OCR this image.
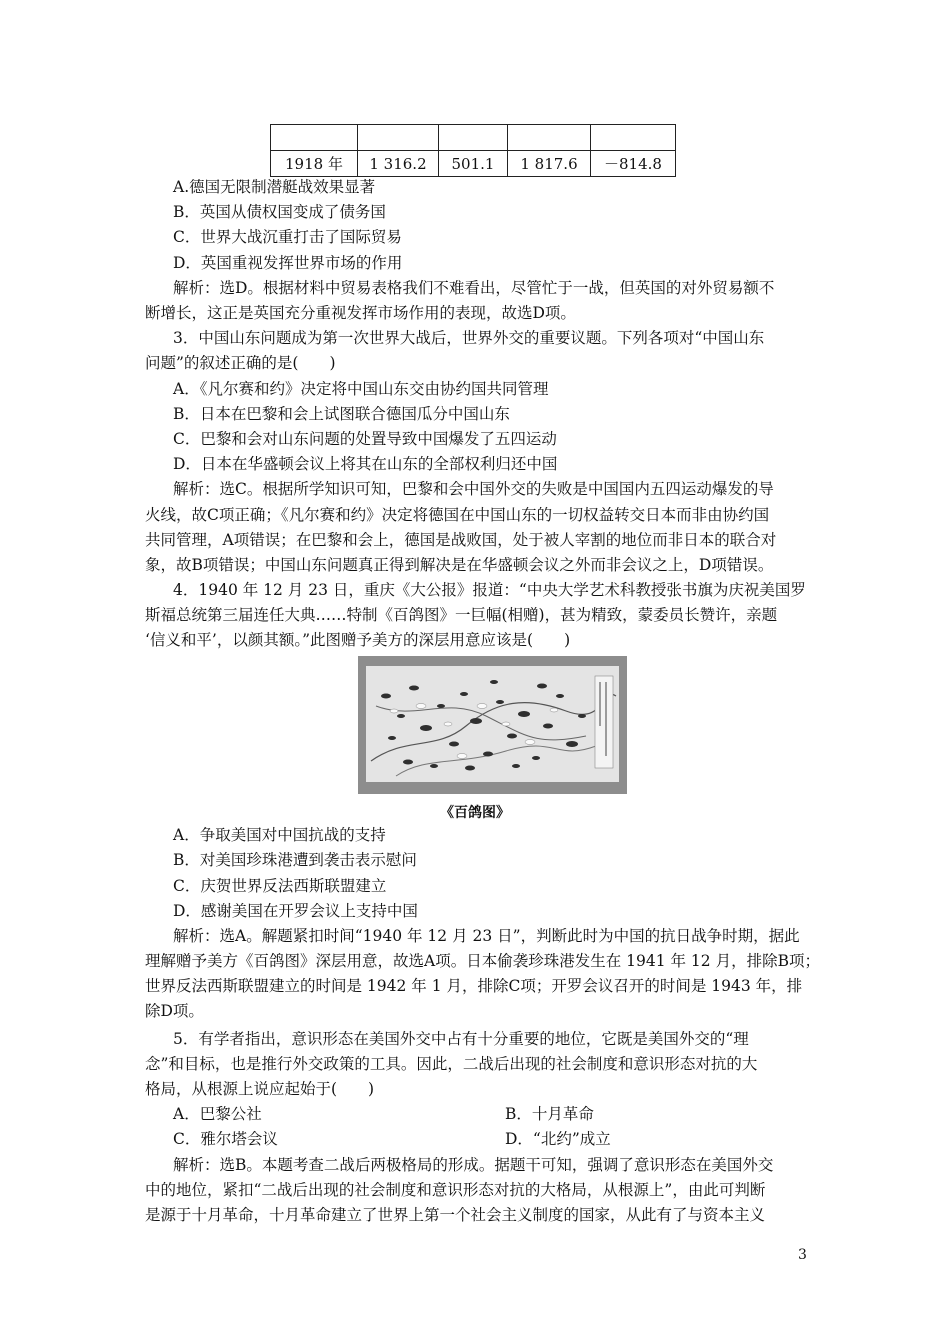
1918 年	1 316.2	501.1	1 817.6	－814.8
A.德国无限制潜艇战效果显著
B．英国从债权国变成了债务国
C．世界大战沉重打击了国际贸易
D．英国重视发挥世界市场的作用
解析：选D。根据材料中贸易表格我们不难看出，尽管忙于一战，但英国的对外贸易额不
断增长，这正是英国充分重视发挥市场作用的表现，故选D项。
3．中国山东问题成为第一次世界大战后，世界外交的重要议题。下列各项对“中国山东
问题”的叙述正确的是(　　)
A．《凡尔赛和约》决定将中国山东交由协约国共同管理
B．日本在巴黎和会上试图联合德国瓜分中国山东
C．巴黎和会对山东问题的处置导致中国爆发了五四运动
D．日本在华盛顿会议上将其在山东的全部权利归还中国
解析：选C。根据所学知识可知，巴黎和会中国外交的失败是中国国内五四运动爆发的导
火线，故C项正确；《凡尔赛和约》决定将德国在中国山东的一切权益转交日本而非由协约国
共同管理，A项错误；在巴黎和会上，德国是战败国，处于被人宰割的地位而非日本的联合对
象，故B项错误；中国山东问题真正得到解决是在华盛顿会议之外而非会议之上，D项错误。
4．1940 年 12 月 23 日，重庆《大公报》报道：“中央大学艺术科教授张书旗为庆祝美国罗
斯福总统第三届连任大典……特制《百鸽图》一巨幅(相赠)，甚为精致，蒙委员长赞许，亲题
‘信义和平’，以颜其额。”此图赠予美方的深层用意应该是(　　)
《百鸽图》
A．争取美国对中国抗战的支持
B．对美国珍珠港遭到袭击表示慰问
C．庆贺世界反法西斯联盟建立
D．感谢美国在开罗会议上支持中国
解析：选A。解题紧扣时间“1940 年 12 月 23 日”，判断此时为中国的抗日战争时期，据此
理解赠予美方《百鸽图》深层用意，故选A项。日本偷袭珍珠港发生在 1941 年 12 月，排除B项；
世界反法西斯联盟建立的时间是 1942 年 1 月，排除C项；开罗会议召开的时间是 1943 年，排
除D项。
5．有学者指出，意识形态在美国外交中占有十分重要的地位，它既是美国外交的“理
念”和目标，也是推行外交政策的工具。因此，二战后出现的社会制度和意识形态对抗的大
格局，从根源上说应起始于(　　)
A．巴黎公社	B．十月革命
C．雅尔塔会议	D．“北约”成立
解析：选B。本题考查二战后两极格局的形成。据题干可知，强调了意识形态在美国外交
中的地位，紧扣“二战后出现的社会制度和意识形态对抗的大格局，从根源上”，由此可判断
是源于十月革命，十月革命建立了世界上第一个社会主义制度的国家，从此有了与资本主义
3
